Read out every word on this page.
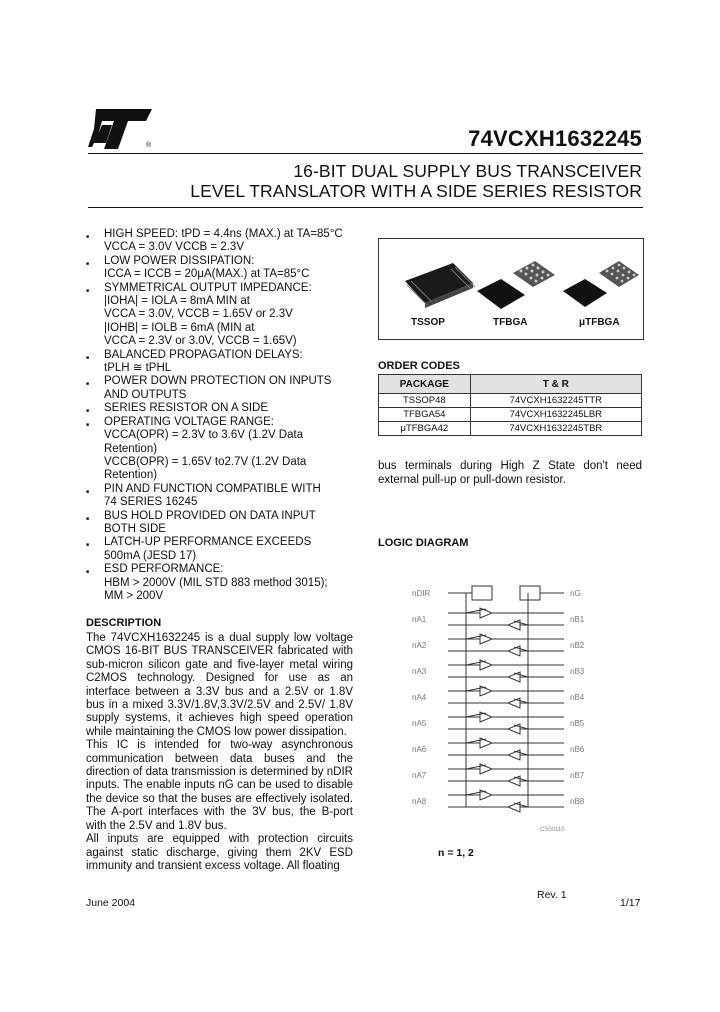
®	74VCXH1632245
16-BIT DUAL SUPPLY BUS TRANSCEIVER
LEVEL TRANSLATOR WITH A SIDE SERIES RESISTOR
■ HIGH SPEED: tPD = 4.4ns (MAX.) at TA=85°C
VCCA = 3.0V VCCB = 2.3V
■ LOW POWER DISSIPATION:
ICCA = ICCB = 20μA(MAX.) at TA=85°C
■ SYMMETRICAL OUTPUT IMPEDANCE:
|IOHA| = IOLA = 8mA MIN at
VCCA = 3.0V, VCCB = 1.65V or 2.3V
|IOHB| = IOLB = 6mA (MIN at
VCCA = 2.3V or 3.0V, VCCB = 1.65V)
■ BALANCED PROPAGATION DELAYS:
tPLH ≅ tPHL
■ POWER DOWN PROTECTION ON INPUTS
AND OUTPUTS
■ SERIES RESISTOR ON A SIDE
■ OPERATING VOLTAGE RANGE:
VCCA(OPR) = 2.3V to 3.6V (1.2V Data
Retention)
VCCB(OPR) = 1.65V to2.7V (1.2V Data
Retention)
■ PIN AND FUNCTION COMPATIBLE WITH
74 SERIES 16245
■ BUS HOLD PROVIDED ON DATA INPUT
BOTH SIDE
■ LATCH-UP PERFORMANCE EXCEEDS
500mA (JESD 17)
■ ESD PERFORMANCE:
HBM > 2000V (MIL STD 883 method 3015);
MM > 200V
TSSOP	TFBGA	μTFBGA
ORDER CODES
PACKAGE	T & R
TSSOP48	74VCXH1632245TTR
TFBGA54	74VCXH1632245LBR
μTFBGA42	74VCXH1632245TBR
DESCRIPTION

The 74VCXH1632245 is a dual supply low voltage CMOS 16-BIT BUS TRANSCEIVER fabricated with sub-micron silicon gate and five-layer metal wiring C2MOS technology. Designed for use as an interface between a 3.3V bus and a 2.5V or 1.8V bus in a mixed 3.3V/1.8V,3.3V/2.5V and 2.5V/ 1.8V supply systems, it achieves high speed operation while maintaining the CMOS low power dissipation.

This IC is intended for two-way asynchronous communication between data buses and the direction of data transmission is determined by nDIR inputs. The enable inputs nG can be used to disable the device so that the buses are effectively isolated. The A-port interfaces with the 3V bus, the B-port with the 2.5V and 1.8V bus.

All inputs are equipped with protection circuits against static discharge, giving them 2KV ESD immunity and transient excess voltage. All floating

bus terminals during High Z State don't need external pull-up or pull-down resistor.
LOGIC DIAGRAM
CS00110
nDIR	nG
nA1	nB1
nA2	nB2
nA3	nB3
nA4	nB4
nA5	nB5
nA6	nB6
nA7	nB7
nA8	nB8
n = 1, 2
June 2004
Rev. 1
1/17
